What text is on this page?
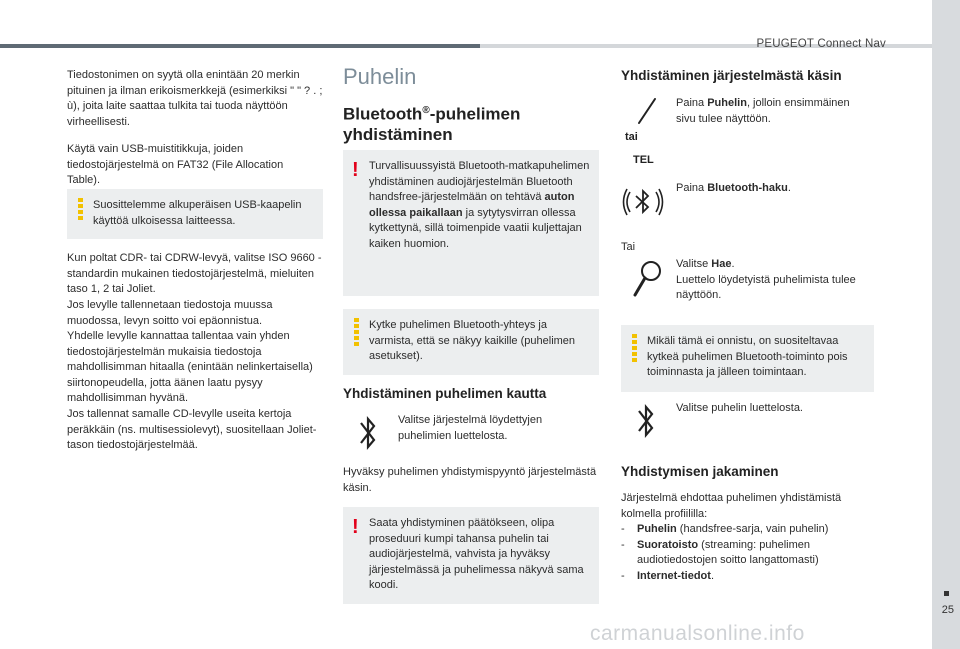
PEUGEOT Connect Nav
25
carmanualsonline.info

Tiedostonimen on syytä olla enintään 20 merkin pituinen ja ilman erikoismerkkejä (esimerkiksi " " ? . ; ù), joita laite saattaa tulkita tai tuoda näyttöön virheellisesti.

Käytä vain USB-muistitikkuja, joiden tiedostojärjestelmä on FAT32 (File Allocation Table).

Suosittelemme alkuperäisen USB-kaapelin käyttöä ulkoisessa laitteessa.

Kun poltat CDR- tai CDRW-levyä, valitse ISO 9660 -standardin mukainen tiedostojärjestelmä, mieluiten taso 1, 2 tai Joliet.

Jos levylle tallennetaan tiedostoja muussa muodossa, levyn soitto voi epäonnistua.

Yhdelle levylle kannattaa tallentaa vain yhden tiedostojärjestelmän mukaisia tiedostoja mahdollisimman hitaalla (enintään nelinkertaisella) siirtonopeudella, jotta äänen laatu pysyy mahdollisimman hyvänä.

Jos tallennat samalle CD-levylle useita kertoja peräkkäin (ns. multisessiolevyt), suositellaan Joliet-tason tiedostojärjestelmää.

Puhelin
Bluetooth®-puhelimen yhdistäminen
! Turvallisuussyistä Bluetooth-matkapuhelimen yhdistäminen audiojärjestelmän Bluetooth handsfree-järjestelmään on tehtävä auton ollessa paikallaan ja sytytysvirran ollessa kytkettynä, sillä toimenpide vaatii kuljettajan kaiken huomion.
Kytke puhelimen Bluetooth-yhteys ja varmista, että se näkyy kaikille (puhelimen asetukset).
Yhdistäminen puhelimen kautta

Valitse järjestelmä löydettyjen puhelimien luettelosta.

Hyväksy puhelimen yhdistymispyyntö järjestelmästä käsin.

! Saata yhdistyminen päätökseen, olipa proseduuri kumpi tahansa puhelin tai audiojärjestelmä, vahvista ja hyväksy järjestelmässä ja puhelimessa näkyvä sama koodi.
Yhdistäminen järjestelmästä käsin
tai
TEL

Paina Puhelin, jolloin ensimmäinen sivu tulee näyttöön.

Paina Bluetooth-haku.

Tai

Valitse Hae.
Luettelo löydetyistä puhelimista tulee näyttöön.

Mikäli tämä ei onnistu, on suositeltavaa kytkeä puhelimen Bluetooth-toiminto pois toiminnasta ja jälleen toimintaan.

Valitse puhelin luettelosta.

Yhdistymisen jakaminen

Järjestelmä ehdottaa puhelimen yhdistämistä kolmella profiililla:

- Puhelin (handsfree-sarja, vain puhelin)

- Suoratoisto (streaming: puhelimen audiotiedostojen soitto langattomasti)

- Internet-tiedot.
